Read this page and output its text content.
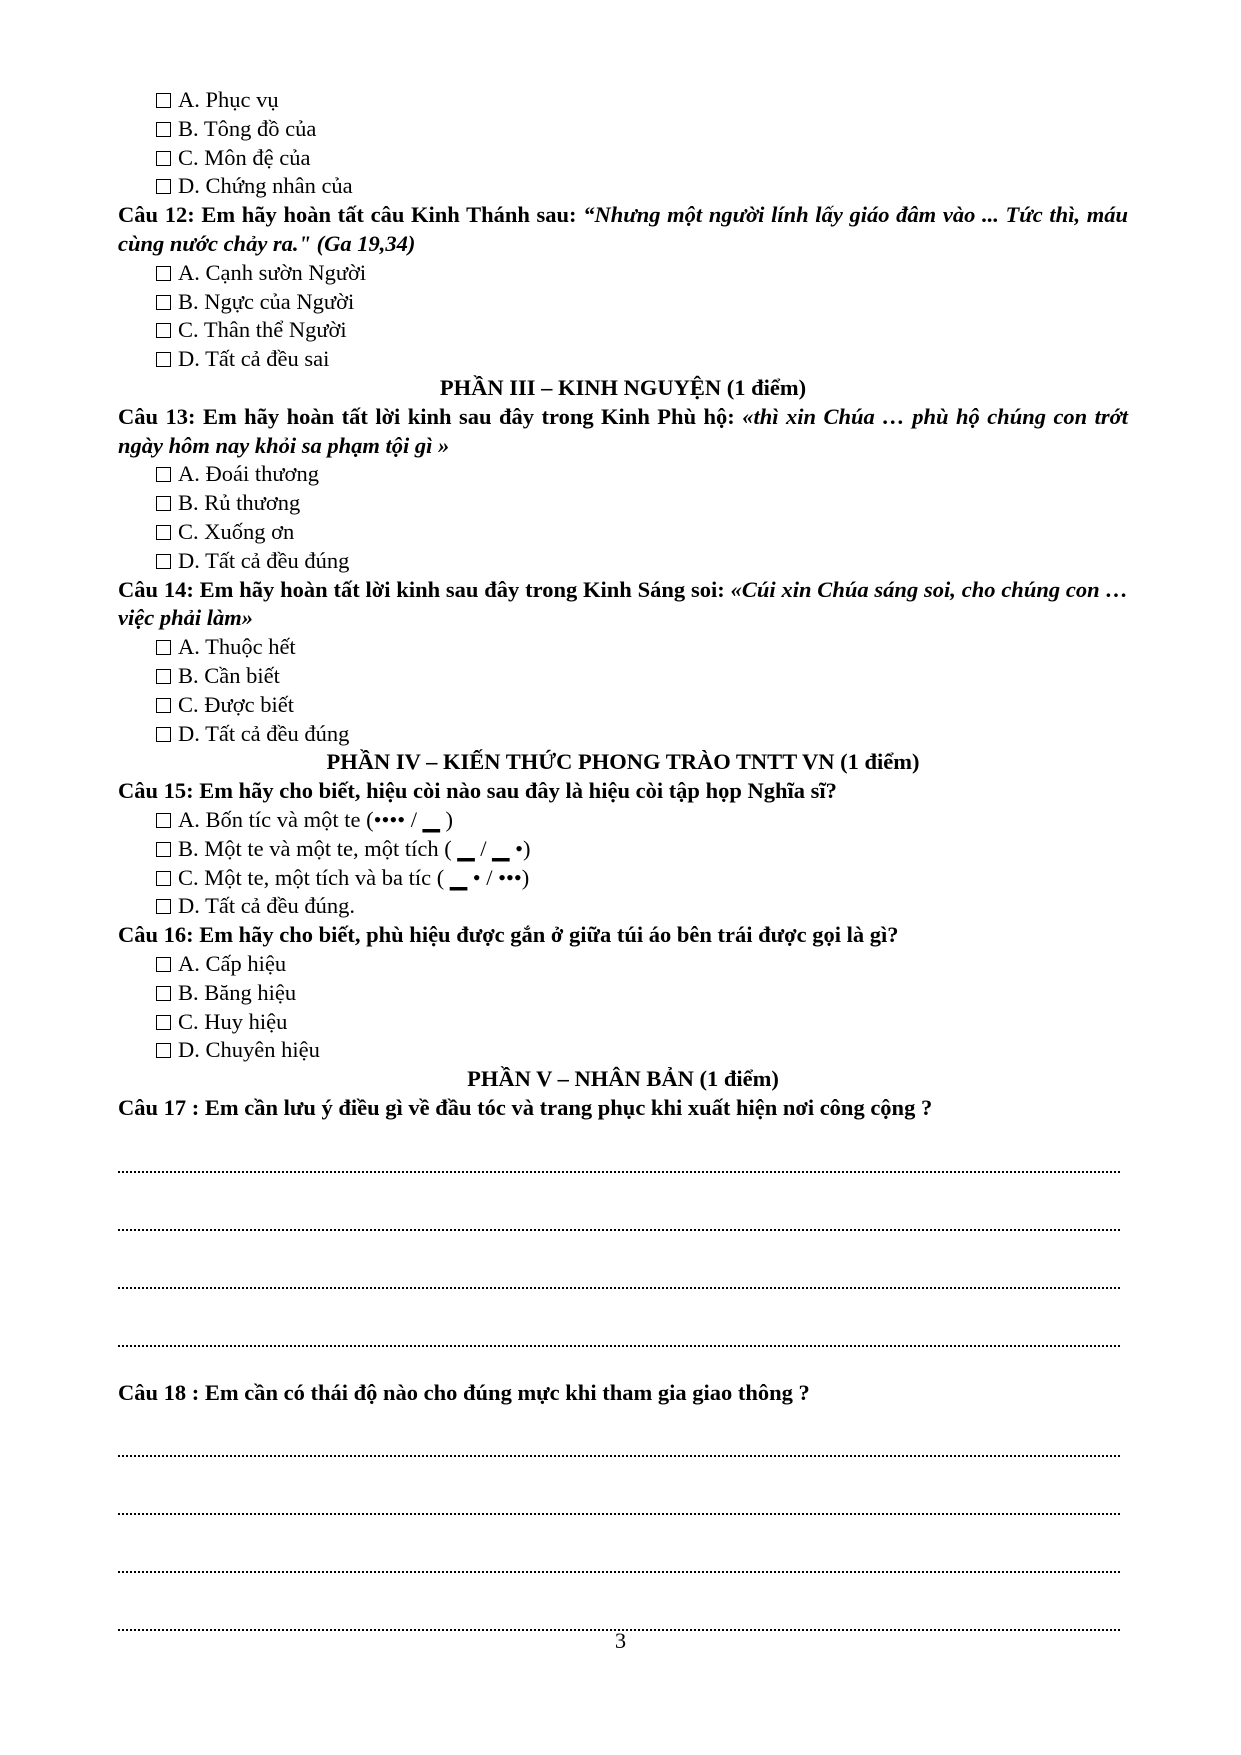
A. Phục vụ
B. Tông đồ của
C. Môn đệ của
D. Chứng nhân của
Câu 12: Em hãy hoàn tất câu Kinh Thánh sau: “Nhưng một người lính lấy giáo đâm vào ... Tức thì, máu cùng nước chảy ra." (Ga 19,34)
A. Cạnh sườn Người
B. Ngực của Người
C. Thân thể Người
D. Tất cả đều sai
PHẦN III – KINH NGUYỆN (1 điểm)
Câu 13: Em hãy hoàn tất lời kinh sau đây trong Kinh Phù hộ: «thì xin Chúa … phù hộ chúng con trớt ngày hôm nay khỏi sa phạm tội gì »
A. Đoái thương
B. Rủ thương
C. Xuống ơn
D. Tất cả đều đúng
Câu 14: Em hãy hoàn tất lời kinh sau đây trong Kinh Sáng soi: «Cúi xin Chúa sáng soi, cho chúng con … việc phải làm»
A. Thuộc hết
B. Cần biết
C. Được biết
D. Tất cả đều đúng
PHẦN IV – KIẾN THỨC PHONG TRÀO TNTT VN (1 điểm)
Câu 15: Em hãy cho biết, hiệu còi nào sau đây là hiệu còi tập họp Nghĩa sĩ?
A. Bốn tíc và một te (•••• / ▁ )
B. Một te và một te, một tích ( ▁ / ▁ •)
C. Một te, một tích và ba tíc ( ▁ • / •••)
D. Tất cả đều đúng.
Câu 16: Em hãy cho biết, phù hiệu được gắn ở giữa túi áo bên trái được gọi là gì?
A. Cấp hiệu
B. Băng hiệu
C. Huy hiệu
D. Chuyên hiệu
PHẦN V – NHÂN BẢN (1 điểm)
Câu 17 : Em cần lưu ý điều gì về đầu tóc và trang phục khi xuất hiện nơi công cộng ?
Câu 18 : Em cần có thái độ nào cho đúng mực khi tham gia giao thông ?
3
